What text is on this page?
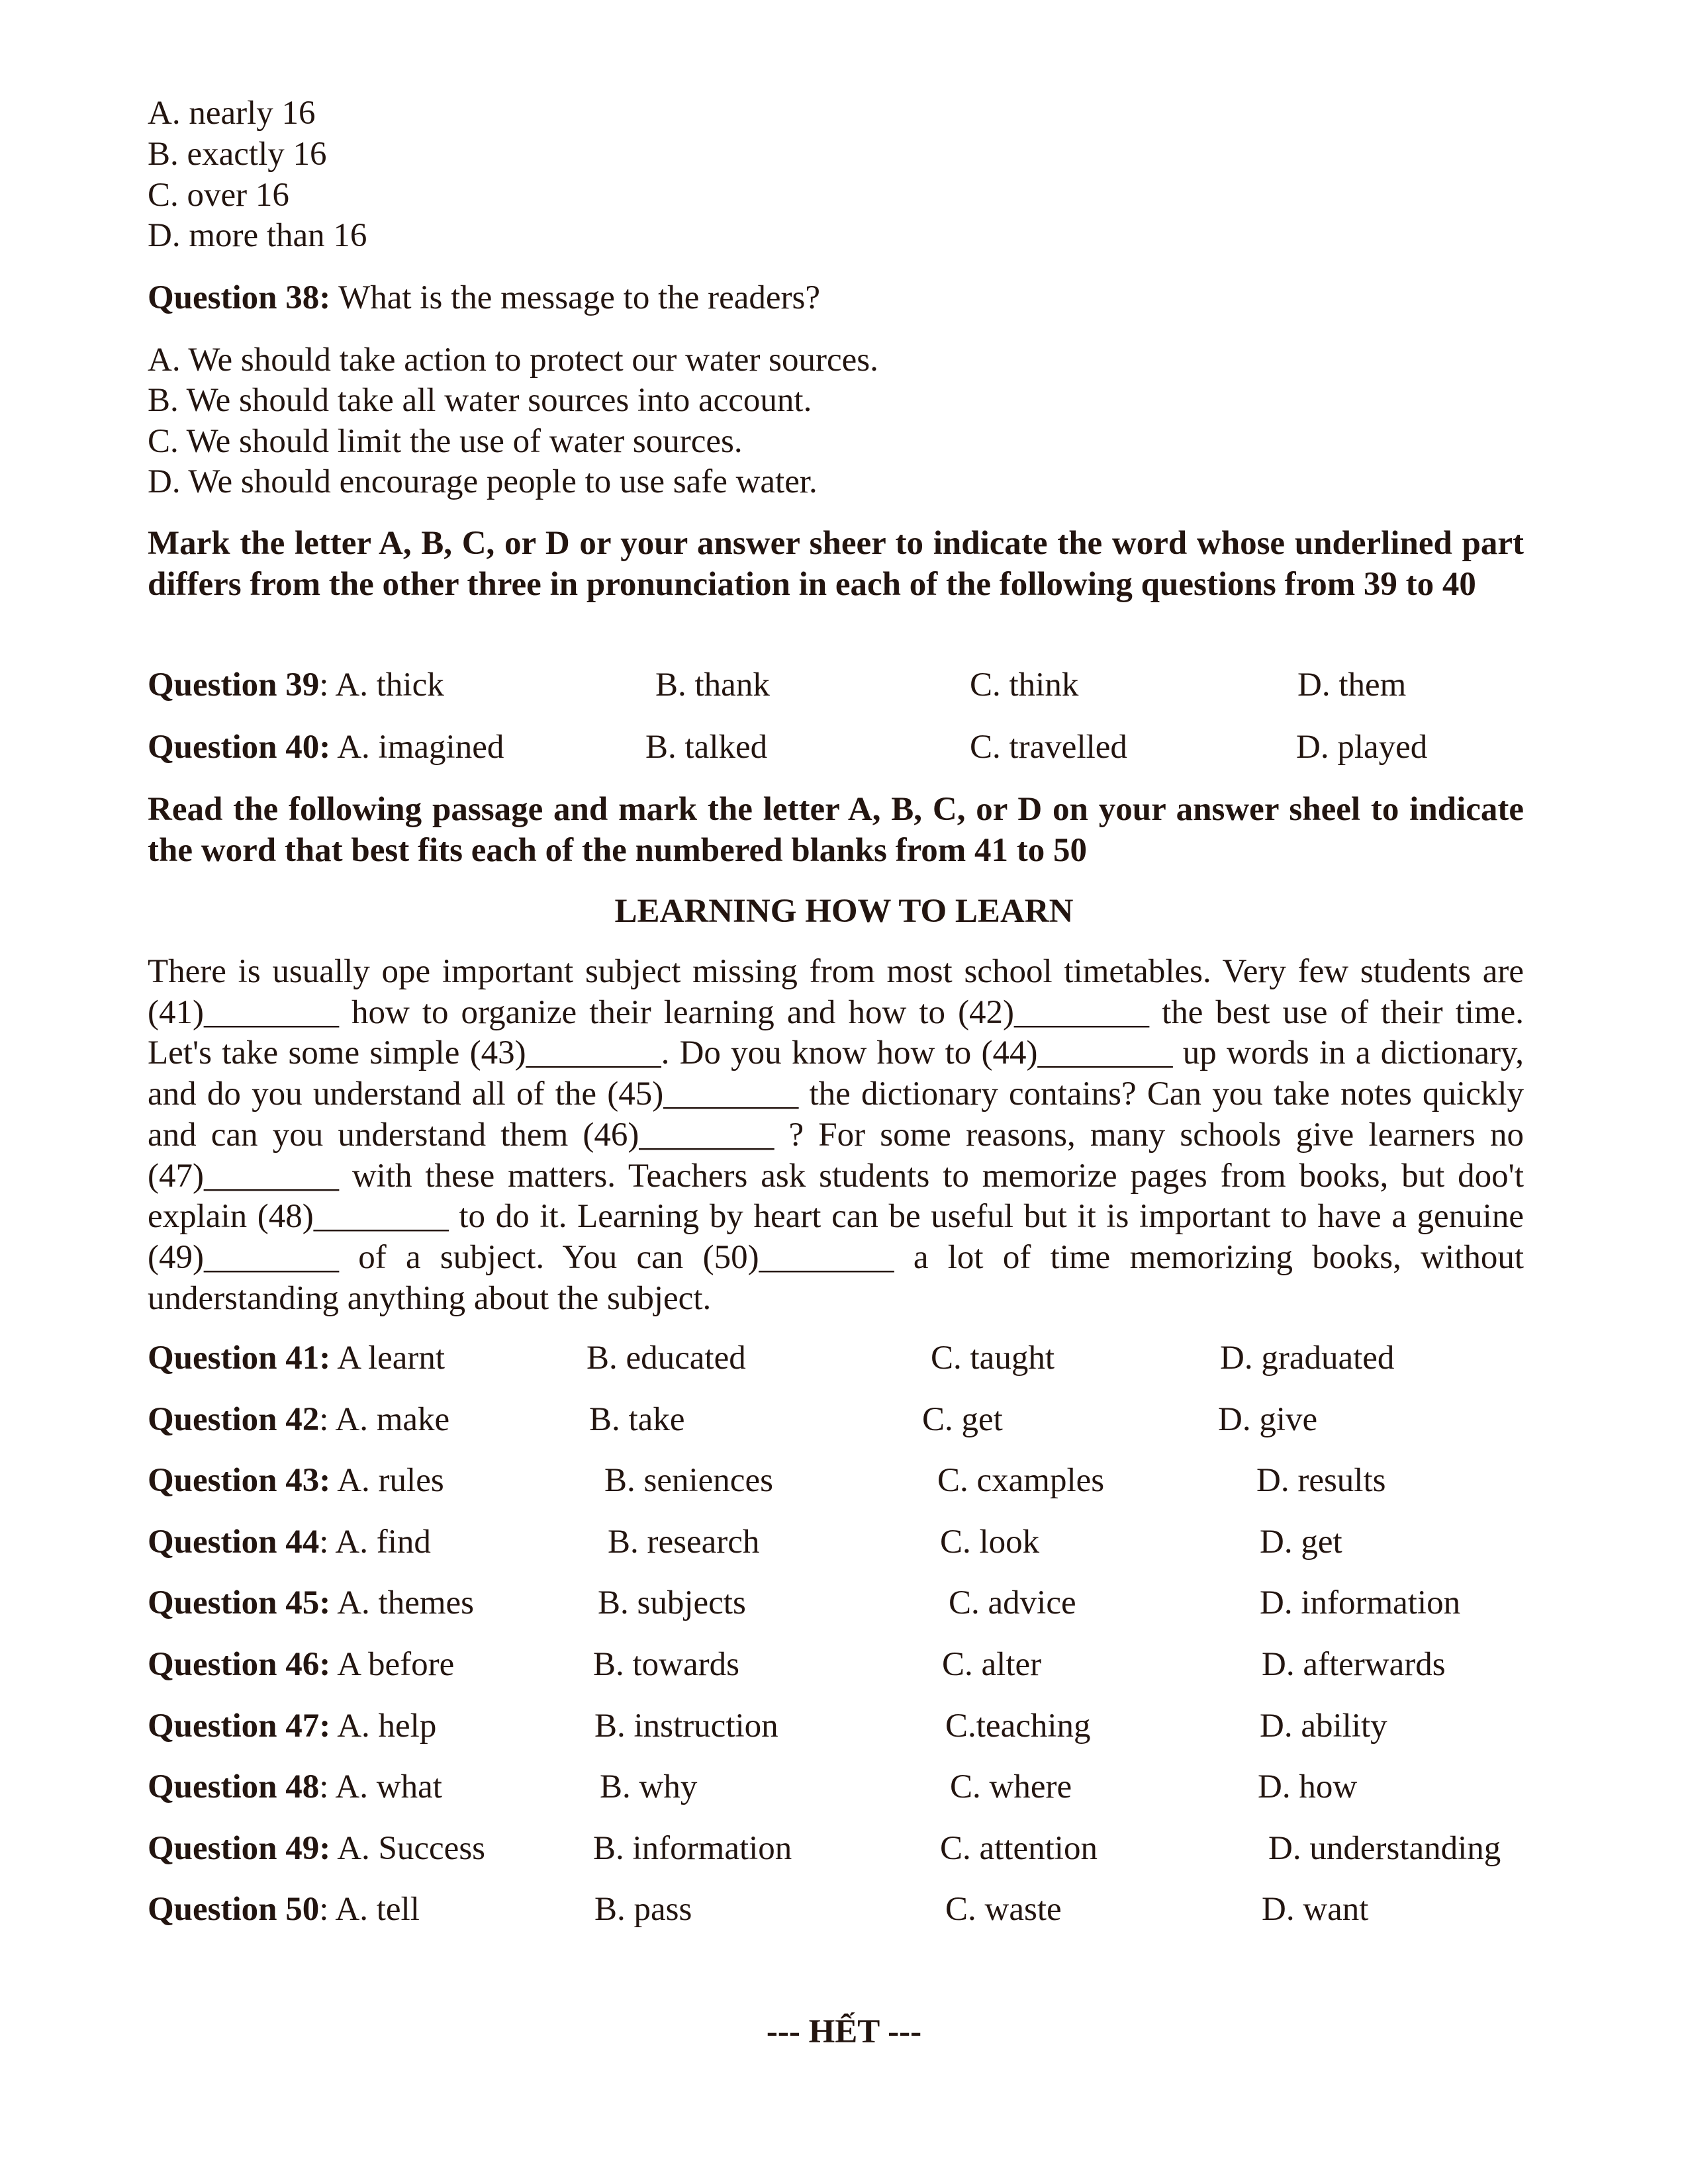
A. nearly 16
B. exactly 16
C. over 16
D. more than 16
Question 38: What is the message to the readers?
A. We should take action to protect our water sources.
B. We should take all water sources into account.
C. We should limit the use of water sources.
D. We should encourage people to use safe water.
Mark the letter A, B, C, or D or your answer sheer to indicate the word whose underlined part differs from the other three in pronunciation in each of the following questions from 39 to 40
Question 39: A. thick	B. thank	C. think	D. them
Question 40: A. imagined	B. talked	C. travelled	D. played
Read the following passage and mark the letter A, B, C, or D on your answer sheel to indicate the word that best fits each of the numbered blanks from 41 to 50
LEARNING HOW TO LEARN
There is usually ope important subject missing from most school timetables. Very few students are (41)________ how to organize their learning and how to (42)________ the best use of their time. Let's take some simple (43)________. Do you know how to (44)________ up words in a dictionary, and do you understand all of the (45)________ the dictionary contains? Can you take notes quickly and can you understand them (46)________ ? For some reasons, many schools give learners no (47)________ with these matters. Teachers ask students to memorize pages from books, but doo't explain (48)________ to do it. Learning by heart can be useful but it is important to have a genuine (49)________ of a subject. You can (50)________ a lot of time memorizing books, without understanding anything about the subject.
Question 41: A learnt	B. educated	C. taught	D. graduated
Question 42: A. make	B. take	C. get	D. give
Question 43: A. rules	B. seniences	C. cxamples	D. results
Question 44: A. find	B. research	C. look	D. get
Question 45: A. themes	B. subjects	C. advice	D. information
Question 46: A before	B. towards	C. alter	D. afterwards
Question 47: A. help	B. instruction	C.teaching	D. ability
Question 48: A. what	B. why	C. where	D. how
Question 49: A. Success	B. information	C. attention	D. understanding
Question 50: A. tell	B. pass	C. waste	D. want
--- HẾT ---
